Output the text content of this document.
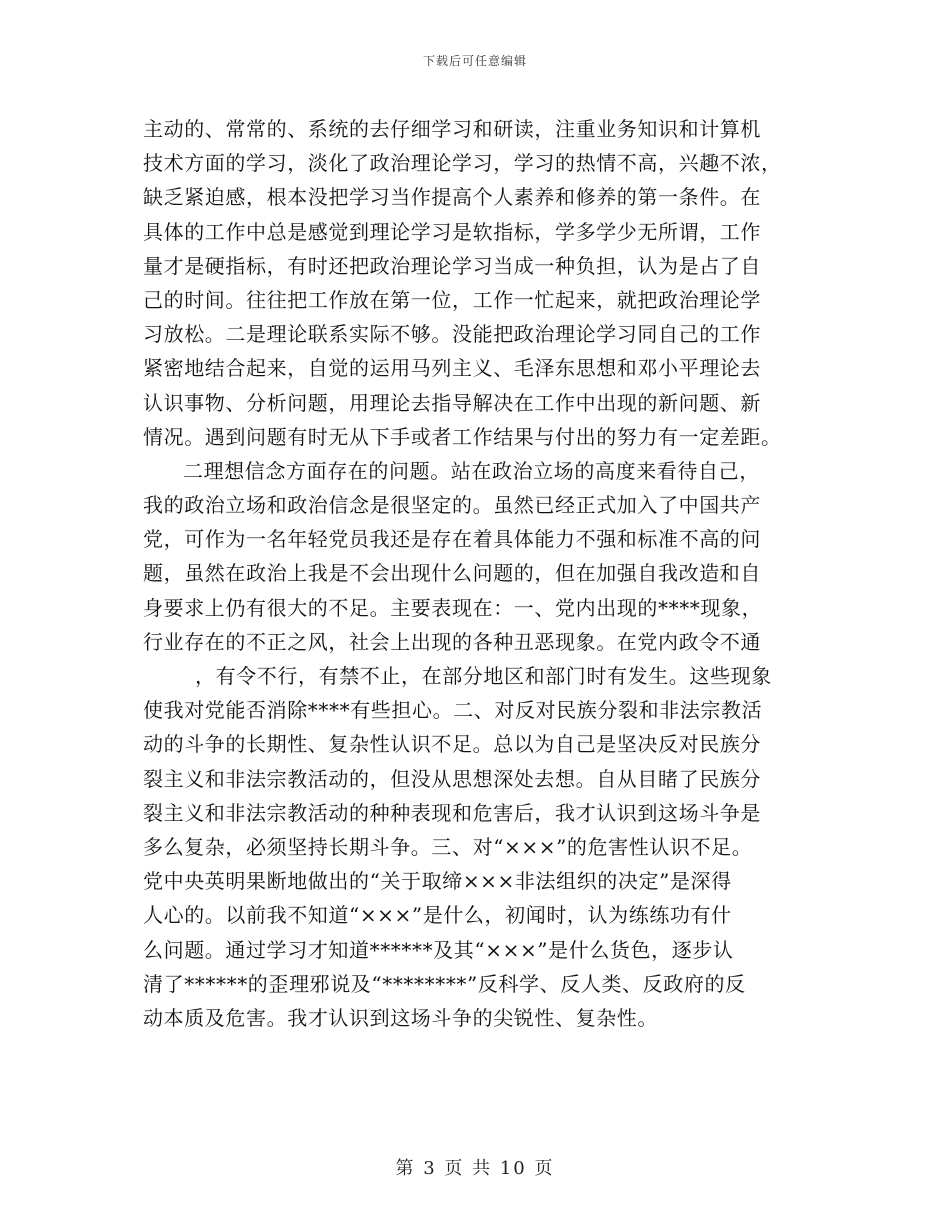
下载后可任意编辑
主动的、常常的、系统的去仔细学习和研读，注重业务知识和计算机
技术方面的学习，淡化了政治理论学习，学习的热情不高，兴趣不浓，
缺乏紧迫感，根本没把学习当作提高个人素养和修养的第一条件。在
具体的工作中总是感觉到理论学习是软指标，学多学少无所谓，工作
量才是硬指标，有时还把政治理论学习当成一种负担，认为是占了自
己的时间。往往把工作放在第一位，工作一忙起来，就把政治理论学
习放松。二是理论联系实际不够。没能把政治理论学习同自己的工作
紧密地结合起来，自觉的运用马列主义、毛泽东思想和邓小平理论去
认识事物、分析问题，用理论去指导解决在工作中出现的新问题、新
情况。遇到问题有时无从下手或者工作结果与付出的努力有一定差距。
二理想信念方面存在的问题。站在政治立场的高度来看待自己，
我的政治立场和政治信念是很坚定的。虽然已经正式加入了中国共产
党，可作为一名年轻党员我还是存在着具体能力不强和标准不高的问
题，虽然在政治上我是不会出现什么问题的，但在加强自我改造和自
身要求上仍有很大的不足。主要表现在：一、党内出现的****现象，
行业存在的不正之风，社会上出现的各种丑恶现象。在党内政令不通
，有令不行，有禁不止，在部分地区和部门时有发生。这些现象
使我对党能否消除****有些担心。二、对反对民族分裂和非法宗教活
动的斗争的长期性、复杂性认识不足。总以为自己是坚决反对民族分
裂主义和非法宗教活动的，但没从思想深处去想。自从目睹了民族分
裂主义和非法宗教活动的种种表现和危害后，我才认识到这场斗争是
多么复杂，必须坚持长期斗争。三、对“×××”的危害性认识不足。
党中央英明果断地做出的“关于取缔×××非法组织的决定”是深得
人心的。以前我不知道“×××”是什么，初闻时，认为练练功有什
么问题。通过学习才知道******及其“×××”是什么货色，逐步认
清了******的歪理邪说及“********”反科学、反人类、反政府的反
动本质及危害。我才认识到这场斗争的尖锐性、复杂性。
第 3 页 共 10 页
